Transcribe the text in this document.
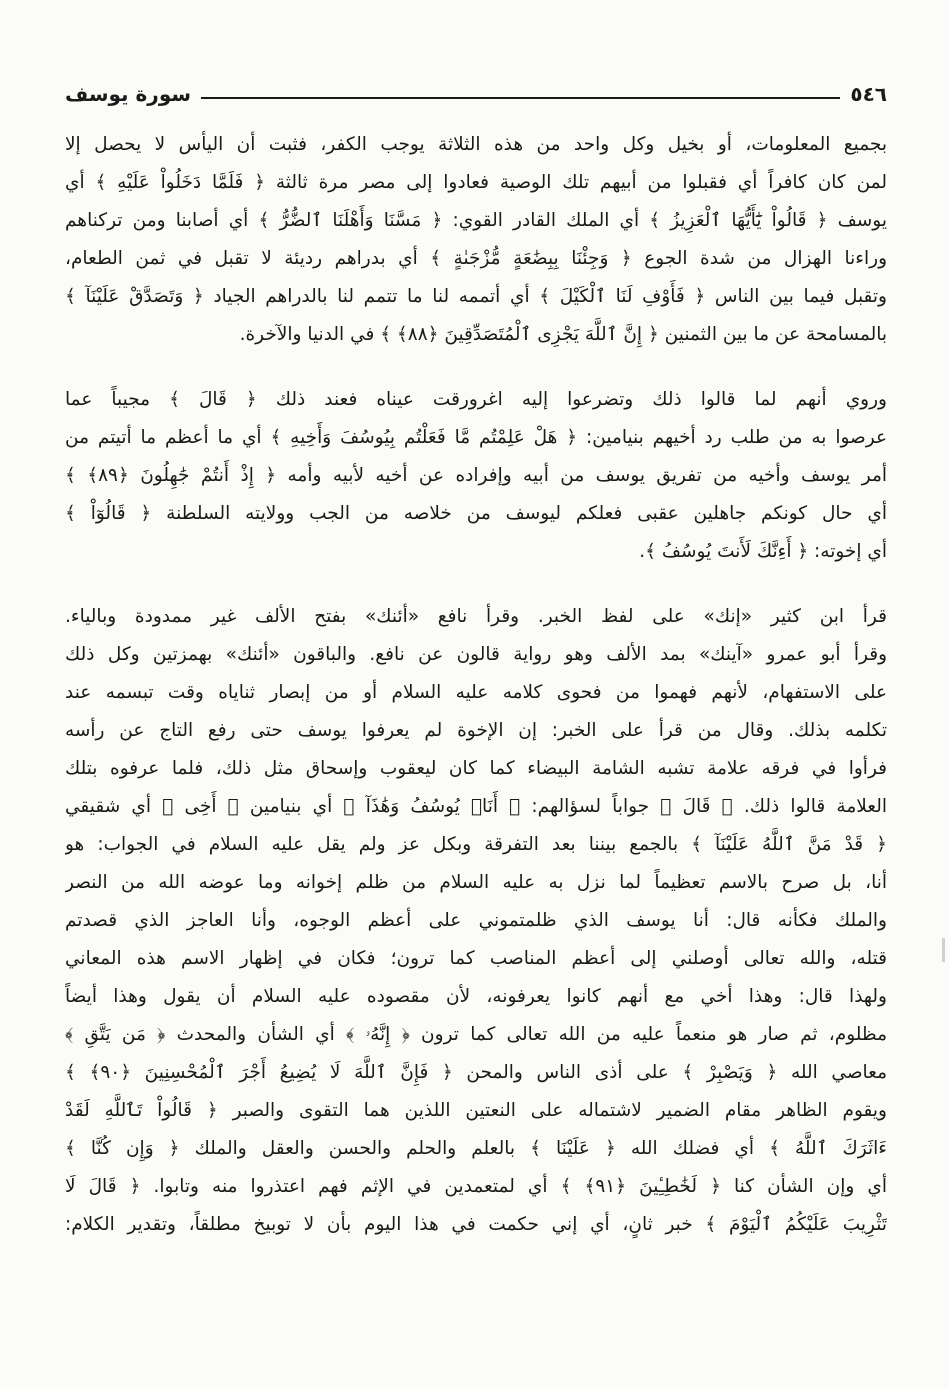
٥٤٦
سورة يوسف
بجميع المعلومات، أو بخيل وكل واحد من هذه الثلاثة يوجب الكفر، فثبت أن اليأس لا يحصل إلا
لمن كان كافراً أي فقبلوا من أبيهم تلك الوصية فعادوا إلى مصر مرة ثالثة ﴿ فَلَمَّا دَخَلُواْ عَلَيْهِ ﴾ أي
يوسف ﴿ قَالُواْ يَٰٓأَيُّهَا ٱلْعَزِيزُ ﴾ أي الملك القادر القوي: ﴿ مَسَّنَا وَأَهْلَنَا ٱلضُّرُّ ﴾ أي أصابنا ومن تركناهم
وراءنا الهزال من شدة الجوع ﴿ وَجِئْنَا بِبِضَٰعَةٍ مُّزْجَىٰةٍ ﴾ أي بدراهم رديئة لا تقبل في ثمن الطعام،
وتقبل فيما بين الناس ﴿ فَأَوْفِ لَنَا ٱلْكَيْلَ ﴾ أي أتممه لنا ما تتمم لنا بالدراهم الجياد ﴿ وَتَصَدَّقْ عَلَيْنَآ ﴾
بالمسامحة عن ما بين الثمنين ﴿ إِنَّ ٱللَّهَ يَجْزِى ٱلْمُتَصَدِّقِينَ ﴿٨٨﴾ ﴾ في الدنيا والآخرة.
وروي أنهم لما قالوا ذلك وتضرعوا إليه اغرورقت عيناه فعند ذلك ﴿ قَالَ ﴾ مجيباً عما
عرصوا به من طلب رد أخيهم بنيامين: ﴿ هَلْ عَلِمْتُم مَّا فَعَلْتُم بِيُوسُفَ وَأَخِيهِ ﴾ أي ما أعظم ما أتيتم من
أمر يوسف وأخيه من تفريق يوسف من أبيه وإفراده عن أخيه لأبيه وأمه ﴿ إِذْ أَنتُمْ جَٰهِلُونَ ﴿٨٩﴾ ﴾
أي حال كونكم جاهلين عقبى فعلكم ليوسف من خلاصه من الجب وولايته السلطنة ﴿ قَالُوٓاْ ﴾
أي إخوته: ﴿ أَءِنَّكَ لَأَنتَ يُوسُفُ ﴾.
قرأ ابن كثير «إنك» على لفظ الخبر. وقرأ نافع «أئنك» بفتح الألف غير ممدودة وبالياء.
وقرأ أبو عمرو «آينك» بمد الألف وهو رواية قالون عن نافع. والباقون «أئنك» بهمزتين وكل ذلك
على الاستفهام، لأنهم فهموا من فحوى كلامه عليه السلام أو من إبصار ثناياه وقت تبسمه عند
تكلمه بذلك. وقال من قرأ على الخبر: إن الإخوة لم يعرفوا يوسف حتى رفع التاج عن رأسه
فرأوا في فرقه علامة تشبه الشامة البيضاء كما كان ليعقوب وإسحاق مثل ذلك، فلما عرفوه بتلك
العلامة قالوا ذلك. ﴿ قَالَ ﴾ جواباً لسؤالهم: ﴿ أَنَا۠ يُوسُفُ وَهَٰذَآ ﴾ أي بنيامين ﴿ أَخِى ﴾ أي شقيقي
﴿ قَدْ مَنَّ ٱللَّهُ عَلَيْنَآ ﴾ بالجمع بيننا بعد التفرقة وبكل عز ولم يقل عليه السلام في الجواب: هو
أنا، بل صرح بالاسم تعظيماً لما نزل به عليه السلام من ظلم إخوانه وما عوضه الله من النصر
والملك فكأنه قال: أنا يوسف الذي ظلمتموني على أعظم الوجوه، وأنا العاجز الذي قصدتم
قتله، والله تعالى أوصلني إلى أعظم المناصب كما ترون؛ فكان في إظهار الاسم هذه المعاني
ولهذا قال: وهذا أخي مع أنهم كانوا يعرفونه، لأن مقصوده عليه السلام أن يقول وهذا أيضاً
مظلوم، ثم صار هو منعماً عليه من الله تعالى كما ترون ﴿ إِنَّهُۥ ﴾ أي الشأن والمحدث ﴿ مَن يَتَّقِ ﴾
معاصي الله ﴿ وَيَصْبِرْ ﴾ على أذى الناس والمحن ﴿ فَإِنَّ ٱللَّهَ لَا يُضِيعُ أَجْرَ ٱلْمُحْسِنِينَ ﴿٩٠﴾ ﴾
ويقوم الظاهر مقام الضمير لاشتماله على النعتين اللذين هما التقوى والصبر ﴿ قَالُواْ تَٱللَّهِ لَقَدْ
ءَاثَرَكَ ٱللَّهُ ﴾ أي فضلك الله ﴿ عَلَيْنَا ﴾ بالعلم والحلم والحسن والعقل والملك ﴿ وَإِن كُنَّا ﴾
أي وإن الشأن كنا ﴿ لَخَٰطِـِٔينَ ﴿٩١﴾ ﴾ أي لمتعمدين في الإثم فهم اعتذروا منه وتابوا. ﴿ قَالَ لَا
تَثْرِيبَ عَلَيْكُمُ ٱلْيَوْمَ ﴾ خبر ثانٍ، أي إني حكمت في هذا اليوم بأن لا توبيخ مطلقاً، وتقدير الكلام:
